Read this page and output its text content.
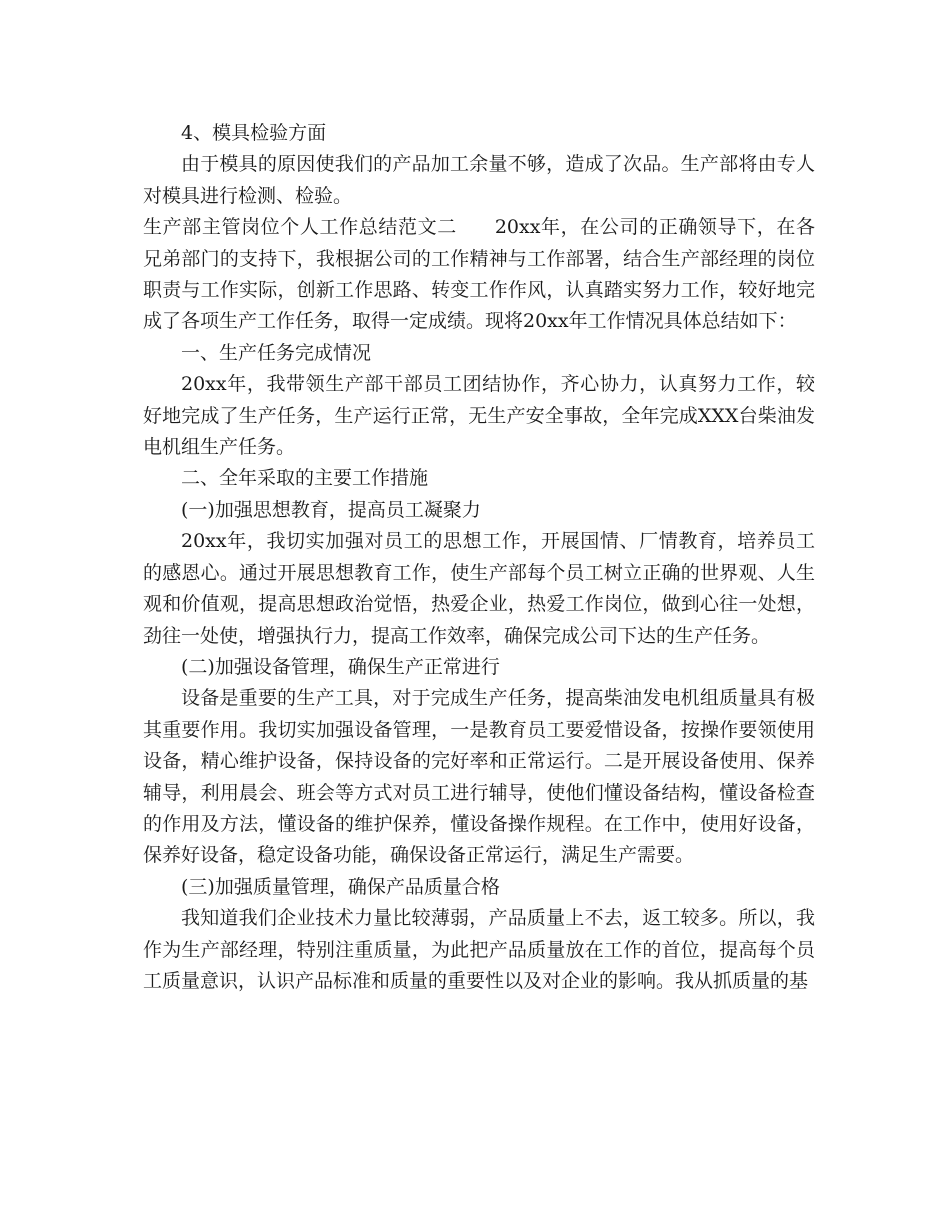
4、模具检验方面

由于模具的原因使我们的产品加工余量不够，造成了次品。生产部将由专人对模具进行检测、检验。

生产部主管岗位个人工作总结范文二 20xx年，在公司的正确领导下，在各兄弟部门的支持下，我根据公司的工作精神与工作部署，结合生产部经理的岗位职责与工作实际，创新工作思路、转变工作作风，认真踏实努力工作，较好地完成了各项生产工作任务，取得一定成绩。现将20xx年工作情况具体总结如下：

一、生产任务完成情况

20xx年，我带领生产部干部员工团结协作，齐心协力，认真努力工作，较好地完成了生产任务，生产运行正常，无生产安全事故，全年完成XXX台柴油发电机组生产任务。

二、全年采取的主要工作措施

(一)加强思想教育，提高员工凝聚力

20xx年，我切实加强对员工的思想工作，开展国情、厂情教育，培养员工的感恩心。通过开展思想教育工作，使生产部每个员工树立正确的世界观、人生观和价值观，提高思想政治觉悟，热爱企业，热爱工作岗位，做到心往一处想，劲往一处使，增强执行力，提高工作效率，确保完成公司下达的生产任务。

(二)加强设备管理，确保生产正常进行

设备是重要的生产工具，对于完成生产任务，提高柴油发电机组质量具有极其重要作用。我切实加强设备管理，一是教育员工要爱惜设备，按操作要领使用设备，精心维护设备，保持设备的完好率和正常运行。二是开展设备使用、保养辅导，利用晨会、班会等方式对员工进行辅导，使他们懂设备结构，懂设备检查的作用及方法，懂设备的维护保养，懂设备操作规程。在工作中，使用好设备，保养好设备，稳定设备功能，确保设备正常运行，满足生产需要。

(三)加强质量管理，确保产品质量合格

我知道我们企业技术力量比较薄弱，产品质量上不去，返工较多。所以，我作为生产部经理，特别注重质量，为此把产品质量放在工作的首位，提高每个员工质量意识，认识产品标准和质量的重要性以及对企业的影响。我从抓质量的基
